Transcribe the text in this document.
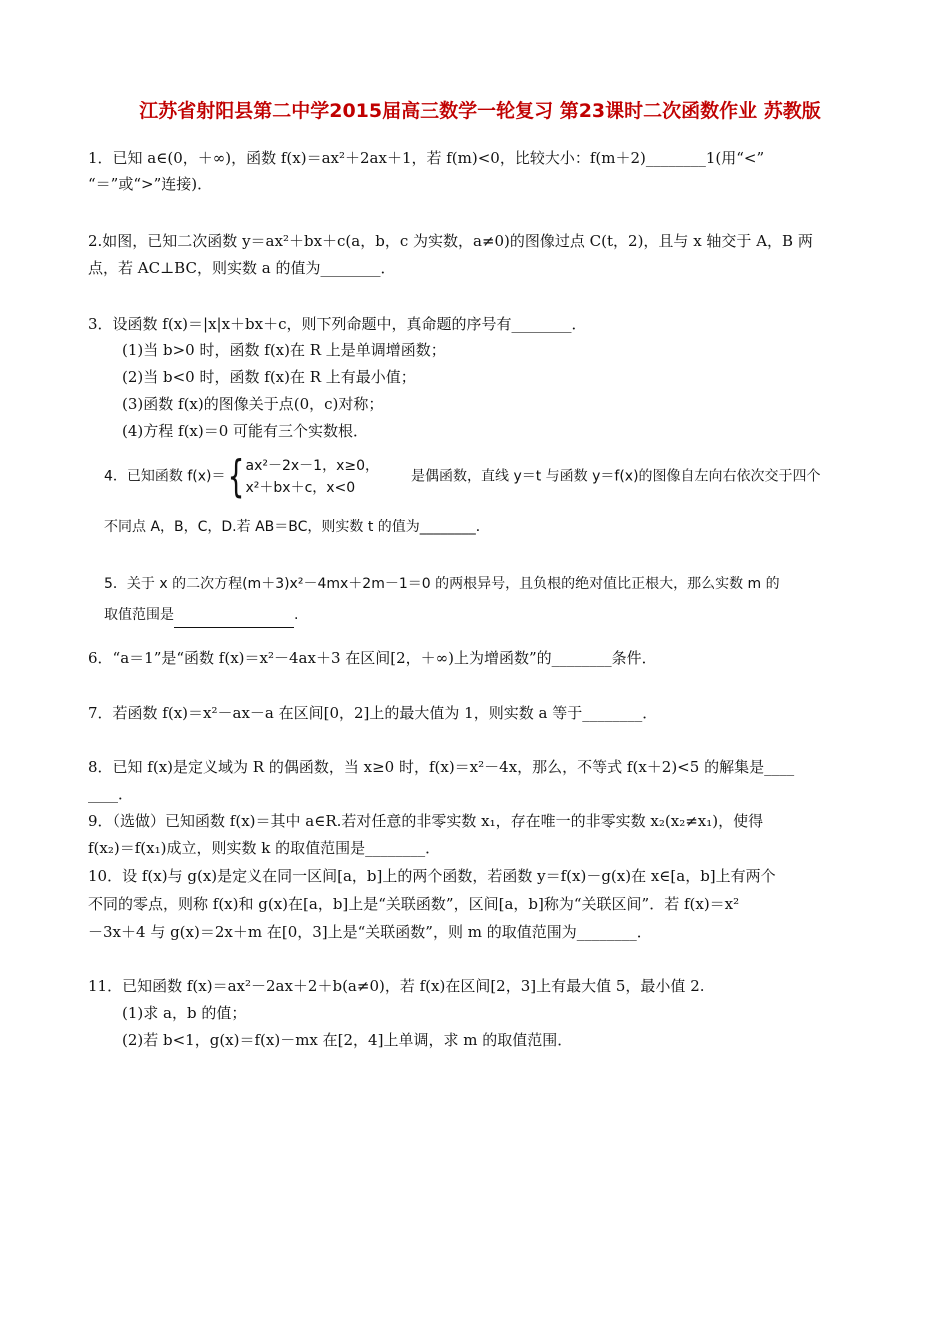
江苏省射阳县第二中学2015届高三数学一轮复习 第23课时二次函数作业 苏教版
1．已知 a∈(0，＋∞)，函数 f(x)＝ax²＋2ax＋1，若 f(m)<0，比较大小：f(m＋2)________1(用“<”
“＝”或“>”连接)．
2.如图，已知二次函数 y＝ax²＋bx＋c(a，b，c 为实数，a≠0)的图像过点 C(t，2)，且与 x 轴交于 A，B 两
点，若 AC⊥BC，则实数 a 的值为________．
3．设函数 f(x)＝|x|x＋bx＋c，则下列命题中，真命题的序号有________．
(1)当 b>0 时，函数 f(x)在 R 上是单调增函数；
(2)当 b<0 时，函数 f(x)在 R 上有最小值；
(3)函数 f(x)的图像关于点(0，c)对称；
(4)方程 f(x)＝0 可能有三个实数根．
4．已知函数 f(x)＝{ ax²－2x－1，x≥0，
x²＋bx＋c，x<0是偶函数，直线 y＝t 与函数 y＝f(x)的图像自左向右依次交于四个
不同点 A，B，C，D.若 AB＝BC，则实数 t 的值为________．
5．关于 x 的二次方程(m＋3)x²－4mx＋2m－1＝0 的两根异号，且负根的绝对值比正根大，那么实数 m 的
取值范围是	.
6．“a＝1”是“函数 f(x)＝x²－4ax＋3 在区间[2，＋∞)上为增函数”的________条件．
7．若函数 f(x)＝x²－ax－a 在区间[0，2]上的最大值为 1，则实数 a 等于________．
8．已知 f(x)是定义域为 R 的偶函数，当 x≥0 时，f(x)＝x²－4x，那么，不等式 f(x＋2)<5 的解集是____
____．
9．（选做）已知函数 f(x)＝其中 a∈R.若对任意的非零实数 x₁，存在唯一的非零实数 x₂(x₂≠x₁)，使得
f(x₂)＝f(x₁)成立，则实数 k 的取值范围是________．
10．设 f(x)与 g(x)是定义在同一区间[a，b]上的两个函数，若函数 y＝f(x)－g(x)在 x∈[a，b]上有两个
不同的零点，则称 f(x)和 g(x)在[a，b]上是“关联函数”，区间[a，b]称为“关联区间”．若 f(x)＝x²
－3x＋4 与 g(x)＝2x＋m 在[0，3]上是“关联函数”，则 m 的取值范围为________．
11．已知函数 f(x)＝ax²－2ax＋2＋b(a≠0)，若 f(x)在区间[2，3]上有最大值 5，最小值 2.
(1)求 a，b 的值；
(2)若 b<1，g(x)＝f(x)－mx 在[2，4]上单调，求 m 的取值范围．
